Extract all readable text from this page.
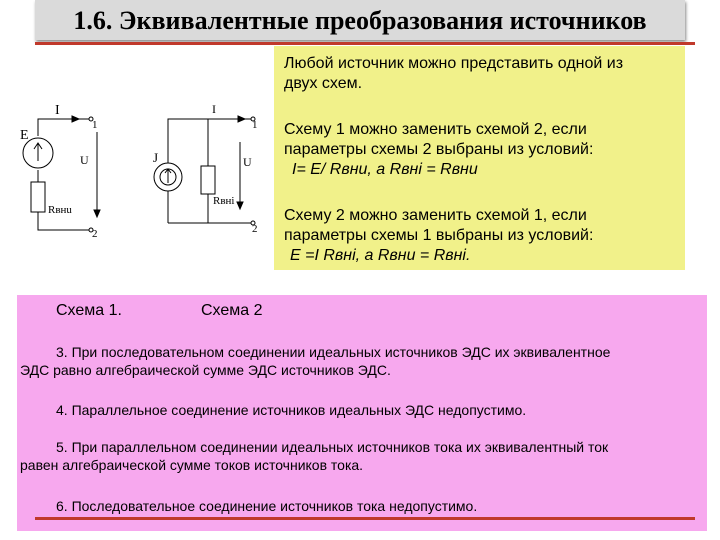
1.6. Эквивалентные преобразования источников
Любой источник можно представить одной из
двух схем.
Схему 1 можно заменить схемой 2, если
параметры схемы 2 выбраны из условий:
I= E/ Rвнu, а Rвнi = Rвнu
Схему 2 можно заменить схемой 1, если
параметры схемы 1 выбраны из условий:
E =I Rвнi, а Rвнu = Rвнi.
I
E
U
Rвнu
1
2
I
J	U
Rвнi
1
2
Схема 1.	Схема 2
3. При последовательном соединении идеальных источников ЭДС их эквивалентное
ЭДС равно алгебраической сумме ЭДС источников ЭДС.
4. Параллельное соединение источников идеальных ЭДС недопустимо.
5. При параллельном соединении идеальных источников тока их эквивалентный ток
равен алгебраической сумме токов источников тока.
6. Последовательное соединение источников тока недопустимо.
